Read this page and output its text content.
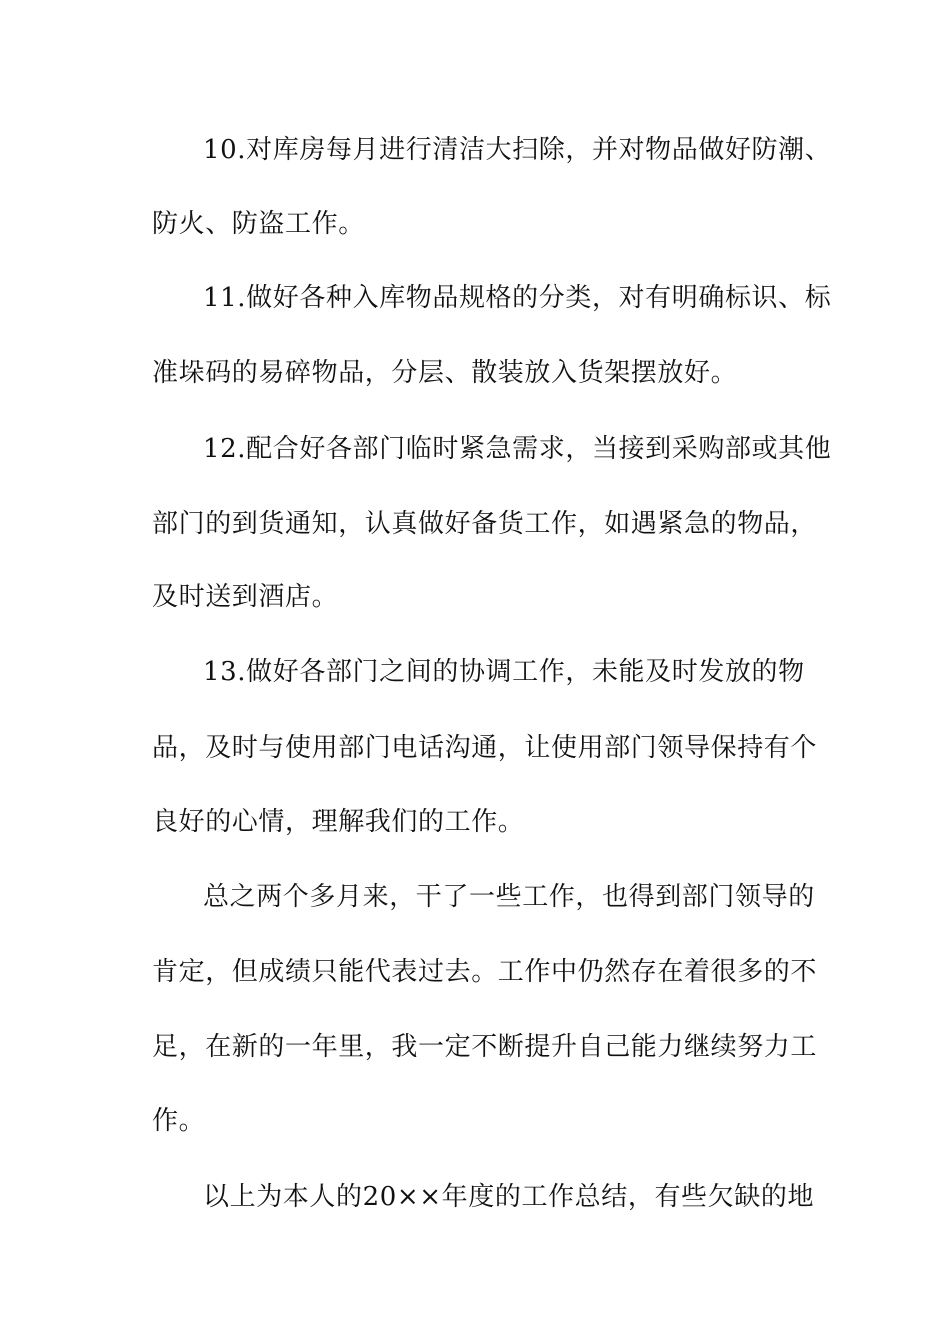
10.对库房每月进行清洁大扫除，并对物品做好防潮、
防火、防盗工作。
11.做好各种入库物品规格的分类，对有明确标识、标
准垛码的易碎物品，分层、散装放入货架摆放好。
12.配合好各部门临时紧急需求，当接到采购部或其他
部门的到货通知，认真做好备货工作，如遇紧急的物品，
及时送到酒店。
13.做好各部门之间的协调工作，未能及时发放的物
品，及时与使用部门电话沟通，让使用部门领导保持有个
良好的心情，理解我们的工作。
总之两个多月来，干了一些工作，也得到部门领导的
肯定，但成绩只能代表过去。工作中仍然存在着很多的不
足，在新的一年里，我一定不断提升自己能力继续努力工
作。
以上为本人的20××年度的工作总结，有些欠缺的地
